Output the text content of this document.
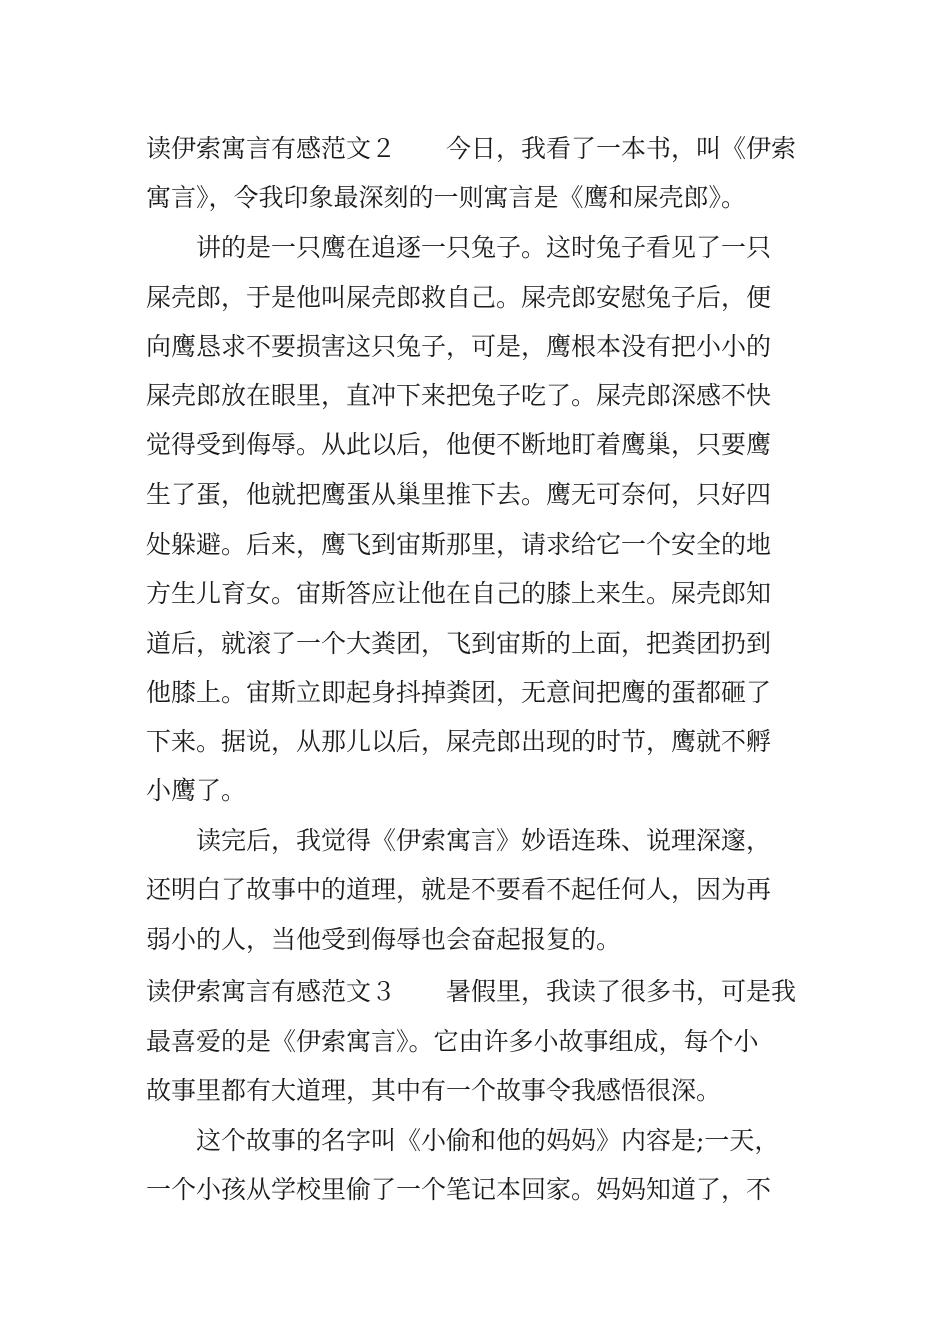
读伊索寓言有感范文２　　今日，我看了一本书，叫《伊索
寓言》，令我印象最深刻的一则寓言是《鹰和屎壳郎》。
　　讲的是一只鹰在追逐一只兔子。这时兔子看见了一只
屎壳郎，于是他叫屎壳郎救自己。屎壳郎安慰兔子后，便
向鹰恳求不要损害这只兔子，可是，鹰根本没有把小小的
屎壳郎放在眼里，直冲下来把兔子吃了。屎壳郎深感不快
觉得受到侮辱。从此以后，他便不断地盯着鹰巢，只要鹰
生了蛋，他就把鹰蛋从巢里推下去。鹰无可奈何，只好四
处躲避。后来，鹰飞到宙斯那里，请求给它一个安全的地
方生儿育女。宙斯答应让他在自己的膝上来生。屎壳郎知
道后，就滚了一个大粪团，飞到宙斯的上面，把粪团扔到
他膝上。宙斯立即起身抖掉粪团，无意间把鹰的蛋都砸了
下来。据说，从那儿以后，屎壳郎出现的时节，鹰就不孵
小鹰了。
　　读完后，我觉得《伊索寓言》妙语连珠、说理深邃，
还明白了故事中的道理，就是不要看不起任何人，因为再
弱小的人，当他受到侮辱也会奋起报复的。
读伊索寓言有感范文３　　暑假里，我读了很多书，可是我
最喜爱的是《伊索寓言》。它由许多小故事组成，每个小
故事里都有大道理，其中有一个故事令我感悟很深。
　　这个故事的名字叫《小偷和他的妈妈》内容是;一天，
一个小孩从学校里偷了一个笔记本回家。妈妈知道了，不
